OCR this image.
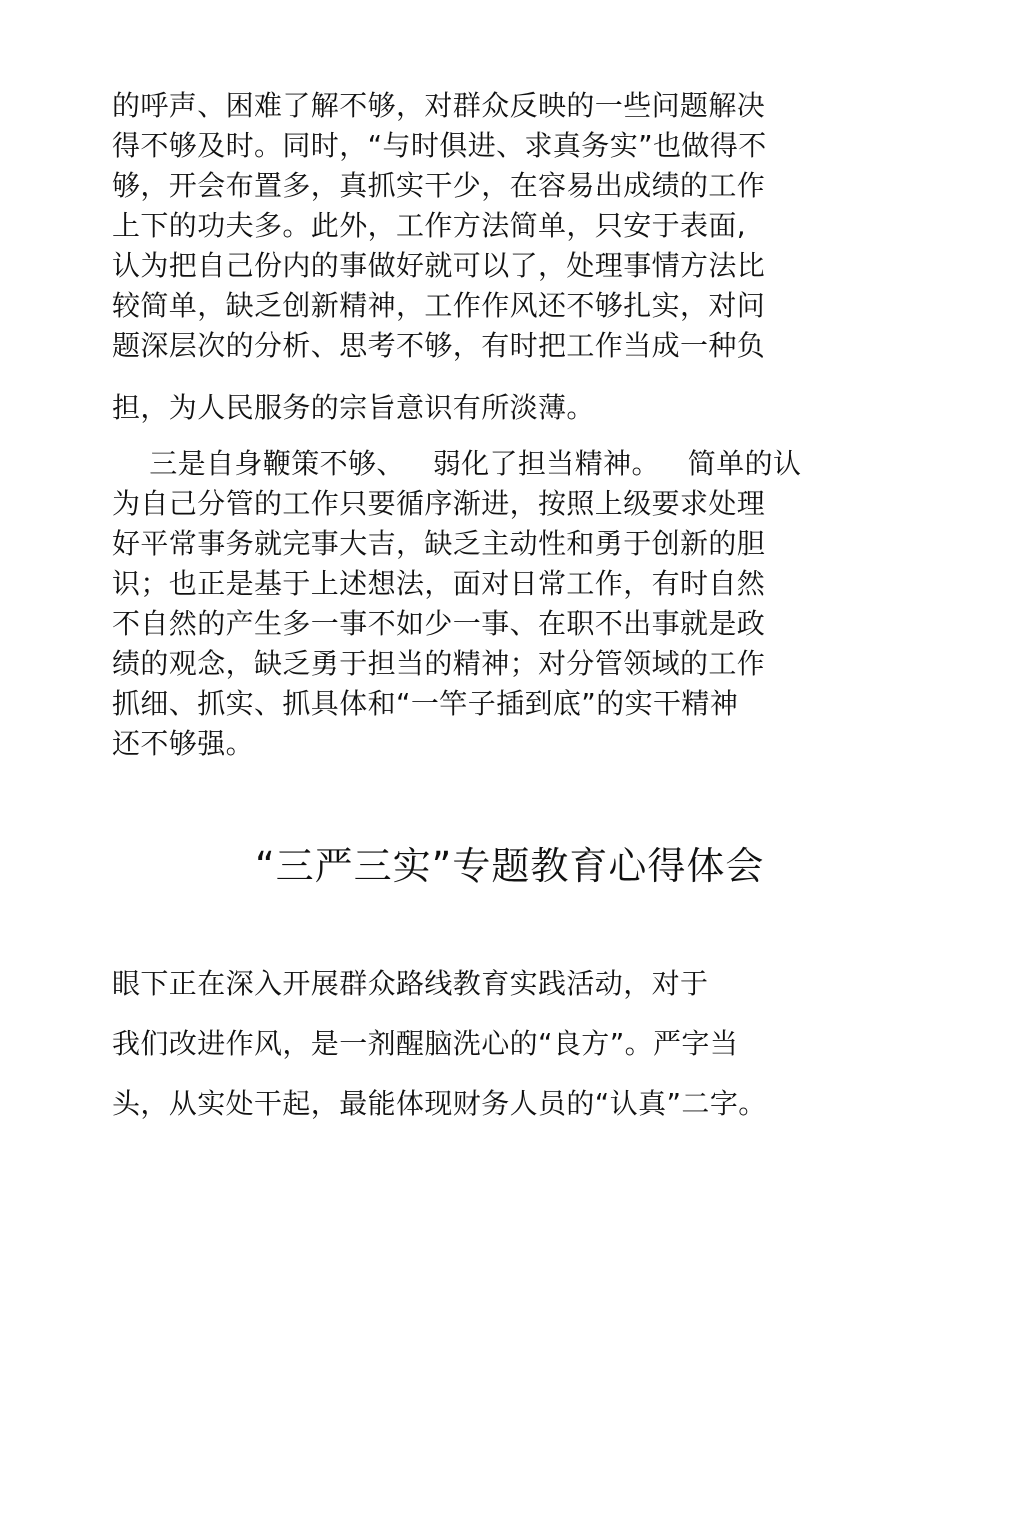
的呼声、困难了解不够，对群众反映的一些问题解决
得不够及时。同时，“与时俱进、求真务实”也做得不
够，开会布置多，真抓实干少，在容易出成绩的工作
上下的功夫多。此外，工作方法简单，只安于表面,
认为把自己份内的事做好就可以了，处理事情方法比
较简单，缺乏创新精神，工作作风还不够扎实，对问
题深层次的分析、思考不够，有时把工作当成一种负
担，为人民服务的宗旨意识有所淡薄。
三是自身鞭策不够、   弱化了担当精神。   简单的认
为自己分管的工作只要循序渐进，按照上级要求处理
好平常事务就完事大吉，缺乏主动性和勇于创新的胆
识；也正是基于上述想法，面对日常工作，有时自然
不自然的产生多一事不如少一事、在职不出事就是政
绩的观念，缺乏勇于担当的精神；对分管领域的工作
抓细、抓实、抓具体和“一竿子插到底”的实干精神
还不够强。
“三严三实”专题教育心得体会
眼下正在深入开展群众路线教育实践活动，对于
我们改进作风，是一剂醒脑洗心的“良方”。严字当
头，从实处干起，最能体现财务人员的“认真”二字。
